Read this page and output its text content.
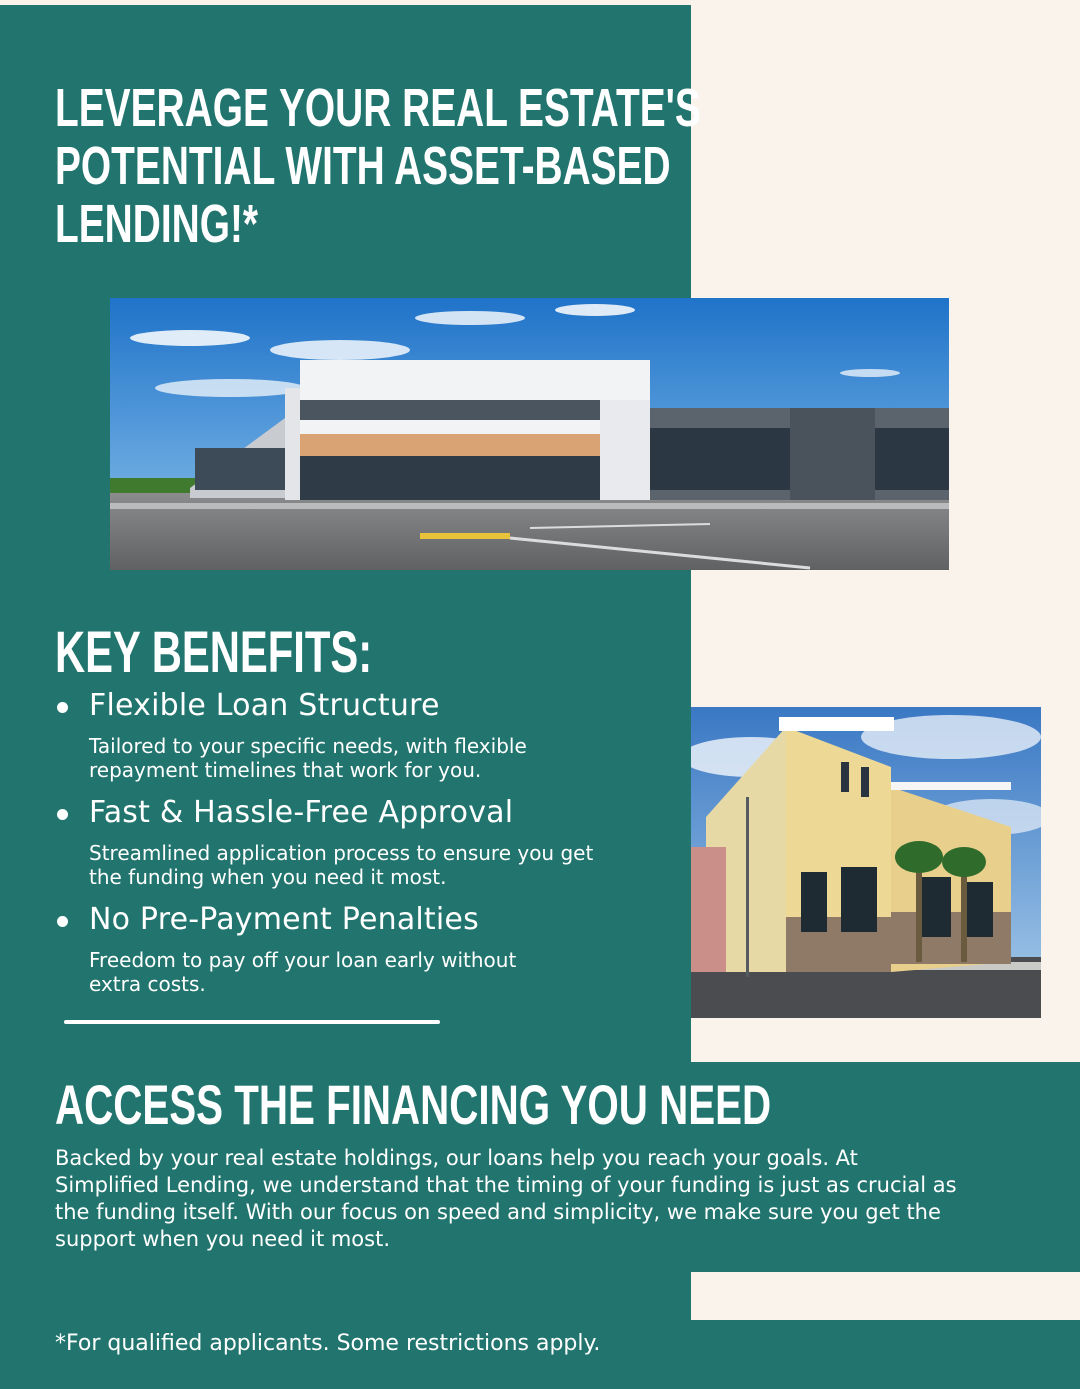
LEVERAGE YOUR REAL ESTATE'S
POTENTIAL WITH ASSET-BASED
LENDING!*
KEY BENEFITS:
Flexible Loan Structure
Tailored to your specific needs, with flexible
repayment timelines that work for you.
Fast & Hassle-Free Approval
Streamlined application process to ensure you get
the funding when you need it most.
No Pre-Payment Penalties
Freedom to pay off your loan early without
extra costs.
ACCESS THE FINANCING YOU NEED
Backed by your real estate holdings, our loans help you reach your goals. At
Simplified Lending, we understand that the timing of your funding is just as crucial as
the funding itself. With our focus on speed and simplicity, we make sure you get the
support when you need it most.

*For qualified applicants. Some restrictions apply.
